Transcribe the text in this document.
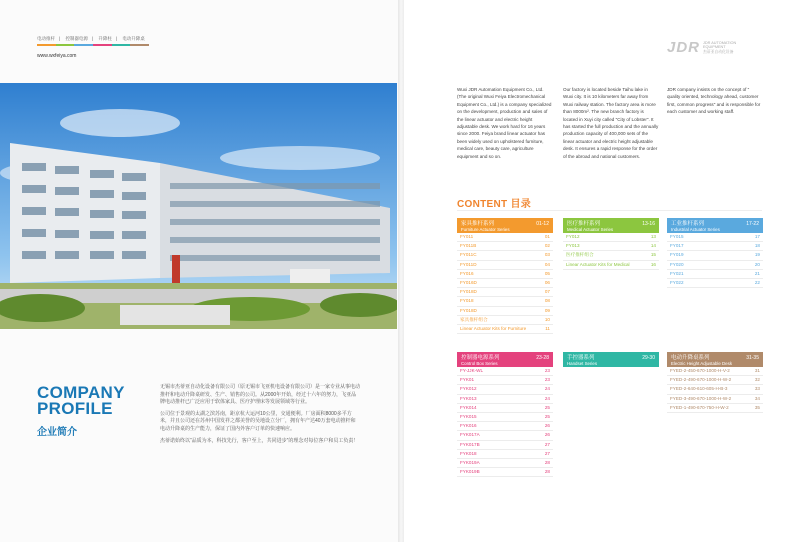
电动推杆 | 控制器电源 | 升降柱 | 电动升降桌
www.wxfeiya.com
COMPANY
PROFILE
企业简介

无锡市杰蒂亚自动化设备有限公司（原无锡市飞亚机电设备有限公司）是一家专业从事电动推杆和电动升降桌研发、生产、销售的公司。从2000年开始，经过十六年的努力，飞亚品牌电动推杆已广泛应用于软体家具、医疗护理床等发展领域等行业。

公司位于景观的太湖之滨苏南，距京杭大运河10公里，交通便利。厂房面积8000多平方米，并且公司还在苏州中国发祥之都美誉的吴地设立分厂，拥有年产达40万套电动推杆和电动升降桌的生产能力，保证了国内外客户订单的快速响应。

杰蒂诺始终以“品质为本，科技先行，客户至上，共同进步”的理念对每位客户和员工负责！

JDR JDR AUTOMATION
EQUIPMENT
杰蒂亚自动化设备
Wuxi JDR Automation Equipment Co., Ltd. (The original Wuxi Feiya Electromechanical Equipment Co., Ltd.) is a company specialized on the development, production and sales of the linear actuator and electric height adjustable desk. We work hard for 16 years since 2000. Feiya brand linear actuator has been widely used on upholstered furniture, medical care, beauty care, agriculture equipment and so on.
Our factory is located beside Taihu lake in Wuxi city. It is 10 kilometers far away from Wuxi railway station. The factory area is more than 8000m². The new branch factory is located in Xuyi city called "City of Lobster". It has started the full production and the annually production capacity of 400,000 sets of the linear actuator and electric height adjustable desk. It ensures a rapid response for the order of the abroad and national customers.
JDR company insists on the concept of " quality oriented, technology ahead, customer first, common progress" and is responsible for each customer and working staff.
CONTENT 目录
家具推杆系列
Furniture Actuator Series
01-12
FY011	01
FY011B	02
FY011C	03
FY011D	04
FY016	05
FY016D	06
FY018D	07
FY018	08
FY018D	09
家具推杆组合	10
Linear Actuator Kits for Furniture	11
医疗推杆系列
Medical Actuator Series
13-16
FY012	13
FY013	14
医疗推杆组合	15
Linear Actuator Kits for Medical	16
工业推杆系列
Industrial Actuator Series
17-22
FY015	17
FY017	18
FY019	19
FY020	20
FY021	21
FY022	22
控制器电源系列
Control Box Series
23-28
FY-JJK-WL	23
FYK01	23
FYK012	24
FYK013	24
FYK014	25
FYK015	25
FYK016	26
FYK017A	26
FYK017B	27
FYK018	27
FYK019A	28
FYK019B	28
手控器系列
Handset Series
29-30	电动升降桌系列
Electric Height Adjustable Desk
31-35
FYED-2-450-670-1000-H-V-2	31
FYED-2-490-670-1000-H-W-2	32
FYED-2-640-610-605-H-B-3	33
FYED-3-490-670-1000-H-W-2	34
FYED-1-490-670-750-H-W-2	35
